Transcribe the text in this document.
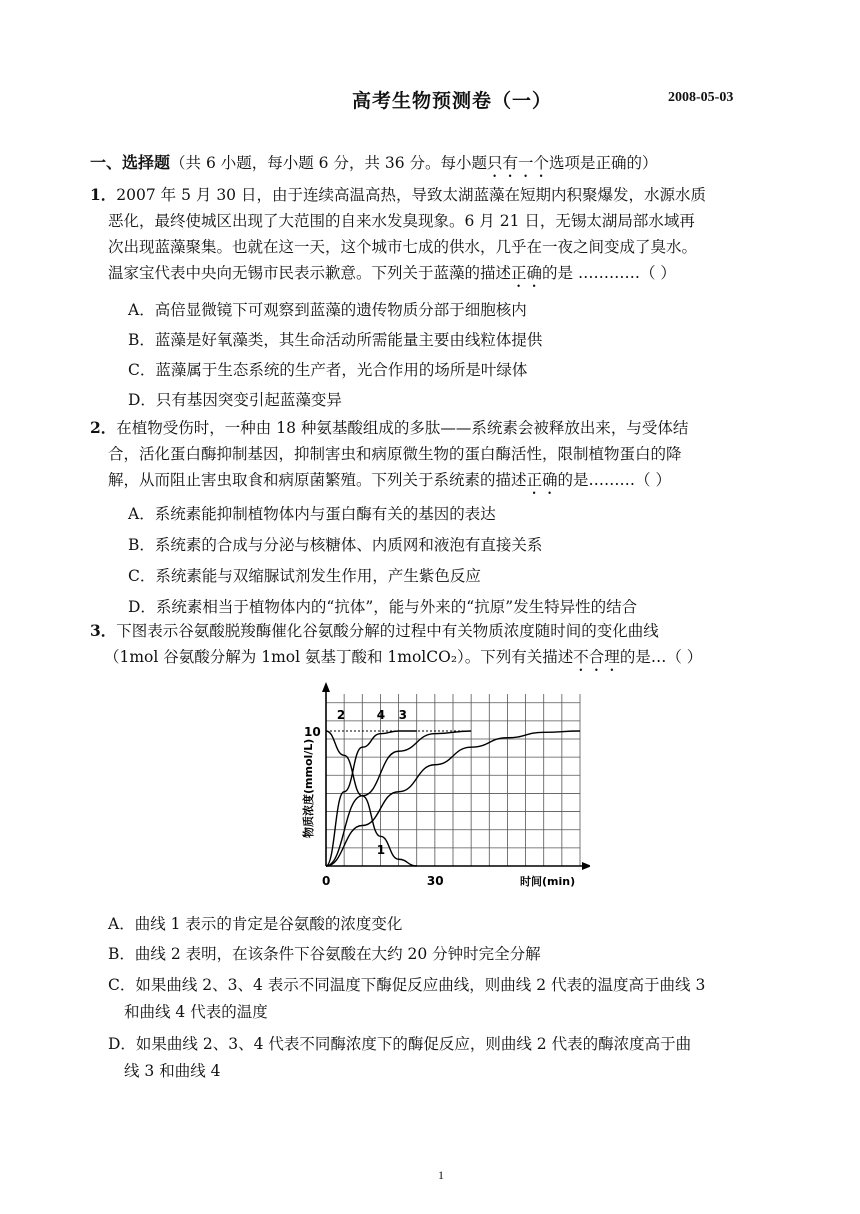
高考生物预测卷（一）	2008-05-03
一、选择题（共 6 小题，每小题 6 分，共 36 分。每小题只有一个选项是正确的）
1．2007 年 5 月 30 日，由于连续高温高热，导致太湖蓝藻在短期内积聚爆发，水源水质
恶化，最终使城区出现了大范围的自来水发臭现象。6 月 21 日，无锡太湖局部水域再
次出现蓝藻聚集。也就在这一天，这个城市七成的供水，几乎在一夜之间变成了臭水。
温家宝代表中央向无锡市民表示歉意。下列关于蓝藻的描述正确的是 …………（ ）
A．高倍显微镜下可观察到蓝藻的遗传物质分部于细胞核内
B．蓝藻是好氧藻类，其生命活动所需能量主要由线粒体提供
C．蓝藻属于生态系统的生产者，光合作用的场所是叶绿体
D．只有基因突变引起蓝藻变异
2．在植物受伤时，一种由 18 种氨基酸组成的多肽——系统素会被释放出来，与受体结
合，活化蛋白酶抑制基因，抑制害虫和病原微生物的蛋白酶活性，限制植物蛋白的降
解，从而阻止害虫取食和病原菌繁殖。下列关于系统素的描述正确的是………（ ）
A．系统素能抑制植物体内与蛋白酶有关的基因的表达
B．系统素的合成与分泌与核糖体、内质网和液泡有直接关系
C．系统素能与双缩脲试剂发生作用，产生紫色反应
D．系统素相当于植物体内的“抗体”，能与外来的“抗原”发生特异性的结合
3．下图表示谷氨酸脱羧酶催化谷氨酸分解的过程中有关物质浓度随时间的变化曲线
（1mol 谷氨酸分解为 1mol 氨基丁酸和 1molCO₂）。下列有关描述不合理的是…（ ）
0	30
10
时间(min)
物质浓度(mmol/L)
1
2	4 3
A．曲线 1 表示的肯定是谷氨酸的浓度变化
B．曲线 2 表明，在该条件下谷氨酸在大约 20 分钟时完全分解
C．如果曲线 2、3、4 表示不同温度下酶促反应曲线，则曲线 2 代表的温度高于曲线 3
和曲线 4 代表的温度
D．如果曲线 2、3、4 代表不同酶浓度下的酶促反应，则曲线 2 代表的酶浓度高于曲
线 3 和曲线 4
1
